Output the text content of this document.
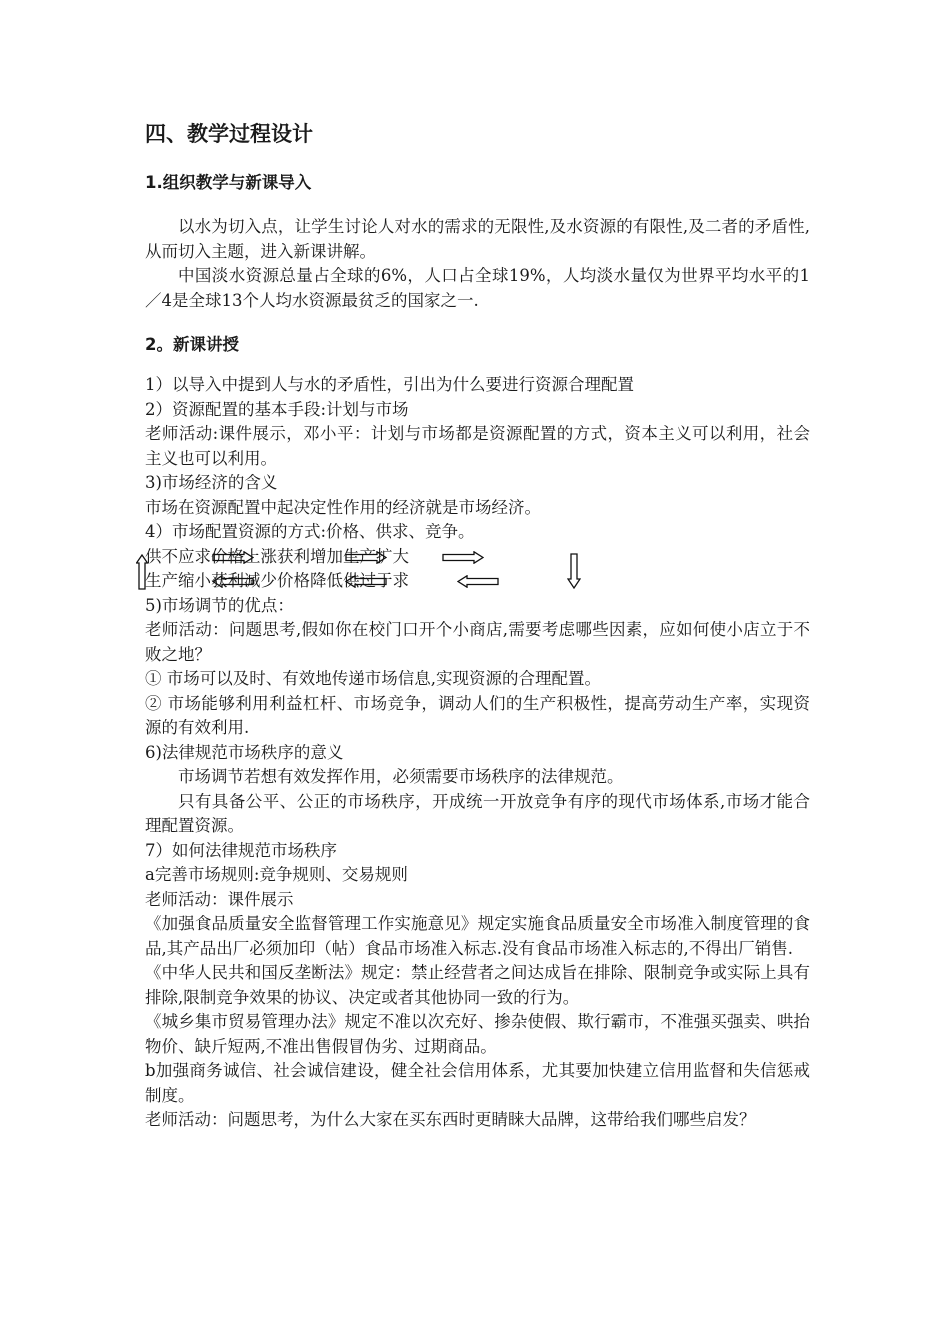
四、教学过程设计
1.组织教学与新课导入

以水为切入点，让学生讨论人对水的需求的无限性,及水资源的有限性,及二者的矛盾性,从而切入主题，进入新课讲解。

中国淡水资源总量占全球的6%，人口占全球19%，人均淡水量仅为世界平均水平的1／4是全球13个人均水资源最贫乏的国家之一.

2。新课讲授

1）以导入中提到人与水的矛盾性，引出为什么要进行资源合理配置

2）资源配置的基本手段:计划与市场

老师活动:课件展示，邓小平：计划与市场都是资源配置的方式，资本主义可以利用，社会主义也可以利用。

3)市场经济的含义

市场在资源配置中起决定性作用的经济就是市场经济。

4）市场配置资源的方式:价格、供求、竞争。

供不应求价格上涨获利增加生产扩大
生产缩小获利减少价格降低供过于求

5)市场调节的优点：

老师活动：问题思考,假如你在校门口开个小商店,需要考虑哪些因素，应如何使小店立于不败之地？

① 市场可以及时、有效地传递市场信息,实现资源的合理配置。

② 市场能够利用利益杠杆、市场竞争，调动人们的生产积极性，提高劳动生产率，实现资源的有效利用.

6)法律规范市场秩序的意义

市场调节若想有效发挥作用，必须需要市场秩序的法律规范。

只有具备公平、公正的市场秩序，开成统一开放竞争有序的现代市场体系,市场才能合理配置资源。

7）如何法律规范市场秩序

a完善市场规则:竞争规则、交易规则

老师活动：课件展示

《加强食品质量安全监督管理工作实施意见》规定实施食品质量安全市场准入制度管理的食品,其产品出厂必须加印（帖）食品市场准入标志.没有食品市场准入标志的,不得出厂销售.

《中华人民共和国反垄断法》规定：禁止经营者之间达成旨在排除、限制竞争或实际上具有排除,限制竞争效果的协议、决定或者其他协同一致的行为。

《城乡集市贸易管理办法》规定不准以次充好、掺杂使假、欺行霸市，不准强买强卖、哄抬物价、缺斤短两,不准出售假冒伪劣、过期商品。

b加强商务诚信、社会诚信建设，健全社会信用体系，尤其要加快建立信用监督和失信惩戒制度。

老师活动：问题思考，为什么大家在买东西时更睛睐大品牌，这带给我们哪些启发？
